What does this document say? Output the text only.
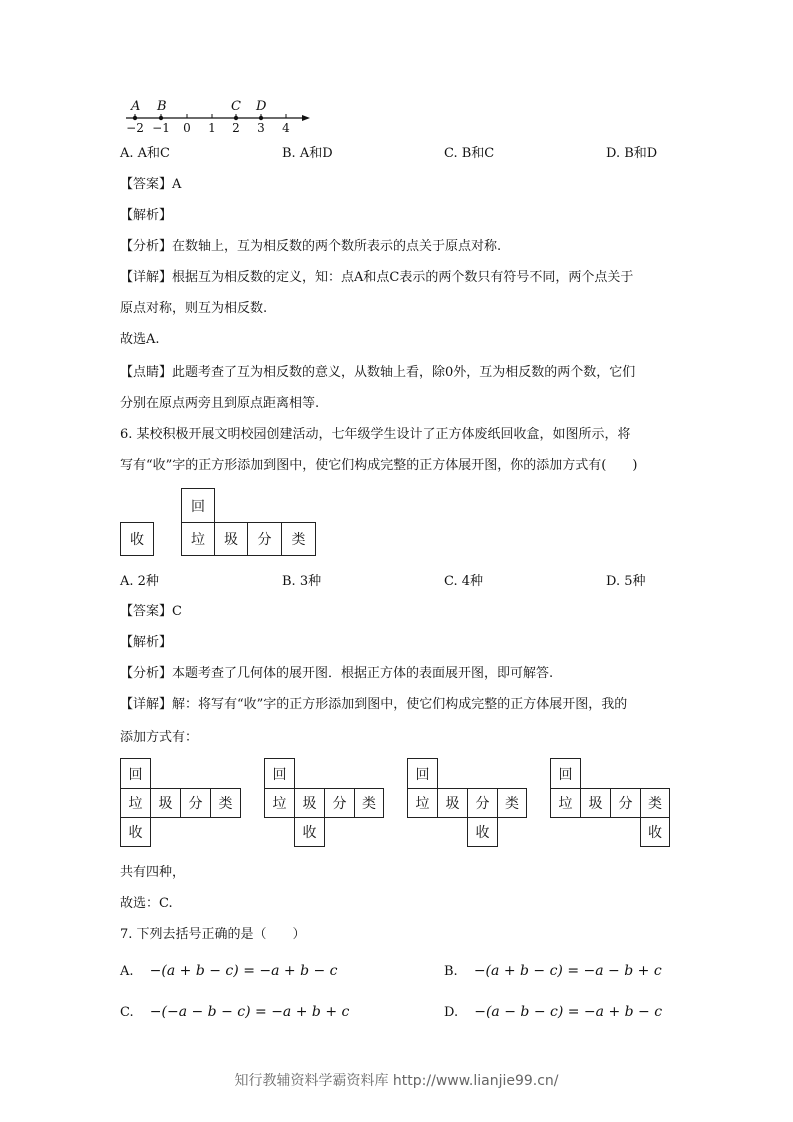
A B	C D
−2 −1 0 1 2 3 4
A. A和C	B. A和D	C. B和C	D. B和D
【答案】A
【解析】
【分析】在数轴上，互为相反数的两个数所表示的点关于原点对称.
【详解】根据互为相反数的定义，知：点A和点C表示的两个数只有符号不同，两个点关于
原点对称，则互为相反数.
故选A.
【点睛】此题考查了互为相反数的意义，从数轴上看，除0外，互为相反数的两个数，它们
分别在原点两旁且到原点距离相等.
6. 某校积极开展文明校园创建活动，七年级学生设计了正方体废纸回收盒，如图所示，将
写有“收”字的正方形添加到图中，使它们构成完整的正方体展开图，你的添加方式有(　　)
收
回
垃	圾	分	类
A. 2种	B. 3种	C. 4种	D. 5种
【答案】C
【解析】
【分析】本题考查了几何体的展开图．根据正方体的表面展开图，即可解答.
【详解】解：将写有“收”字的正方形添加到图中，使它们构成完整的正方体展开图，我的
添加方式有：
回
垃	圾	分	类
收
回
垃	圾	分	类
收
回
垃	圾	分	类
收
回
垃	圾	分	类
收
共有四种，
故选：C.
7. 下列去括号正确的是（　　）
A. −(a + b − c) = −a + b − c	B. −(a + b − c) = −a − b + c
C. −(−a − b − c) = −a + b + c	D. −(a − b − c) = −a + b − c
知行教辅资料学霸资料库 http://www.lianjie99.cn/
